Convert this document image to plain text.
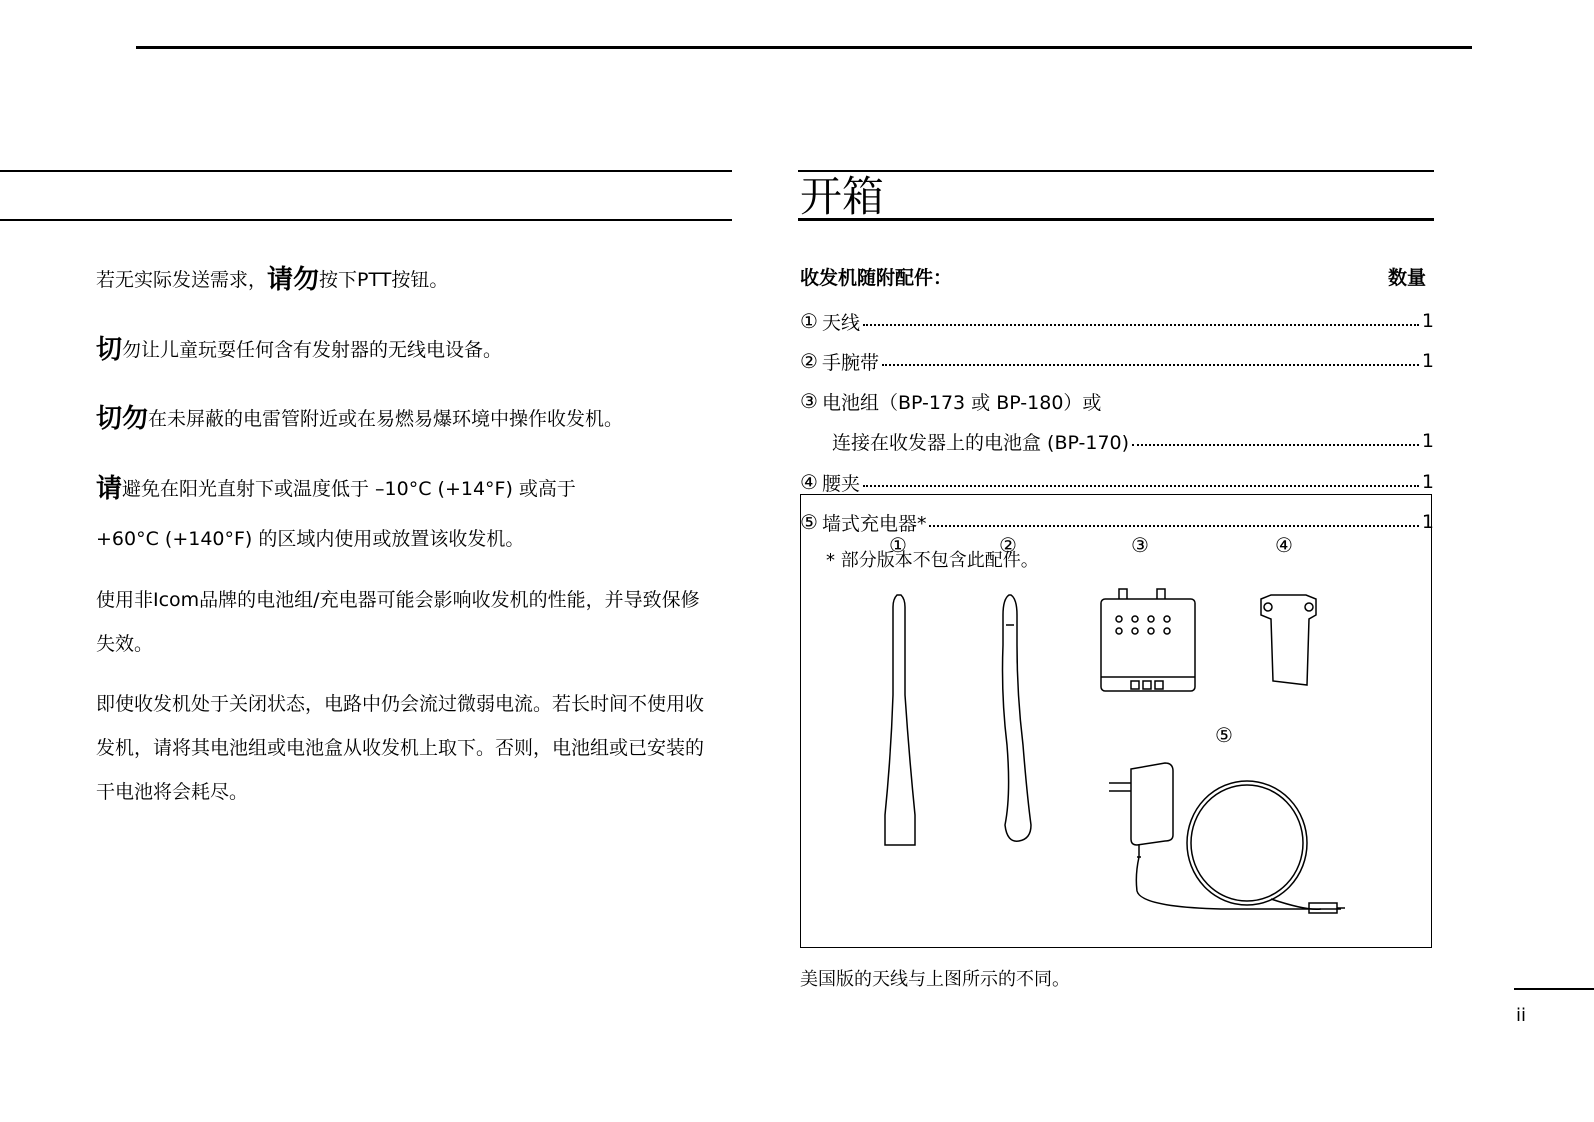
若无实际发送需求，请勿按下PTT按钮。
切勿让儿童玩耍任何含有发射器的无线电设备。
切勿在未屏蔽的电雷管附近或在易燃易爆环境中操作收发机。
请避免在阳光直射下或温度低于 –10°C (+14°F) 或高于
+60°C (+140°F) 的区域内使用或放置该收发机。
使用非Icom品牌的电池组/充电器可能会影响收发机的性能，并导致保修
失效。
即使收发机处于关闭状态，电路中仍会流过微弱电流。若长时间不使用收
发机，请将其电池组或电池盒从收发机上取下。否则，电池组或已安装的
干电池将会耗尽。
开箱
收发机随附配件：	数量
① 天线	1
② 手腕带	1
③ 电池组（BP-173 或 BP-180）或
连接在收发器上的电池盒 (BP-170)	1
④ 腰夹	1
①	②	③	④
⑤
⑤ 墙式充电器*	1
* 部分版本不包含此配件。
美国版的天线与上图所示的不同。
ii
